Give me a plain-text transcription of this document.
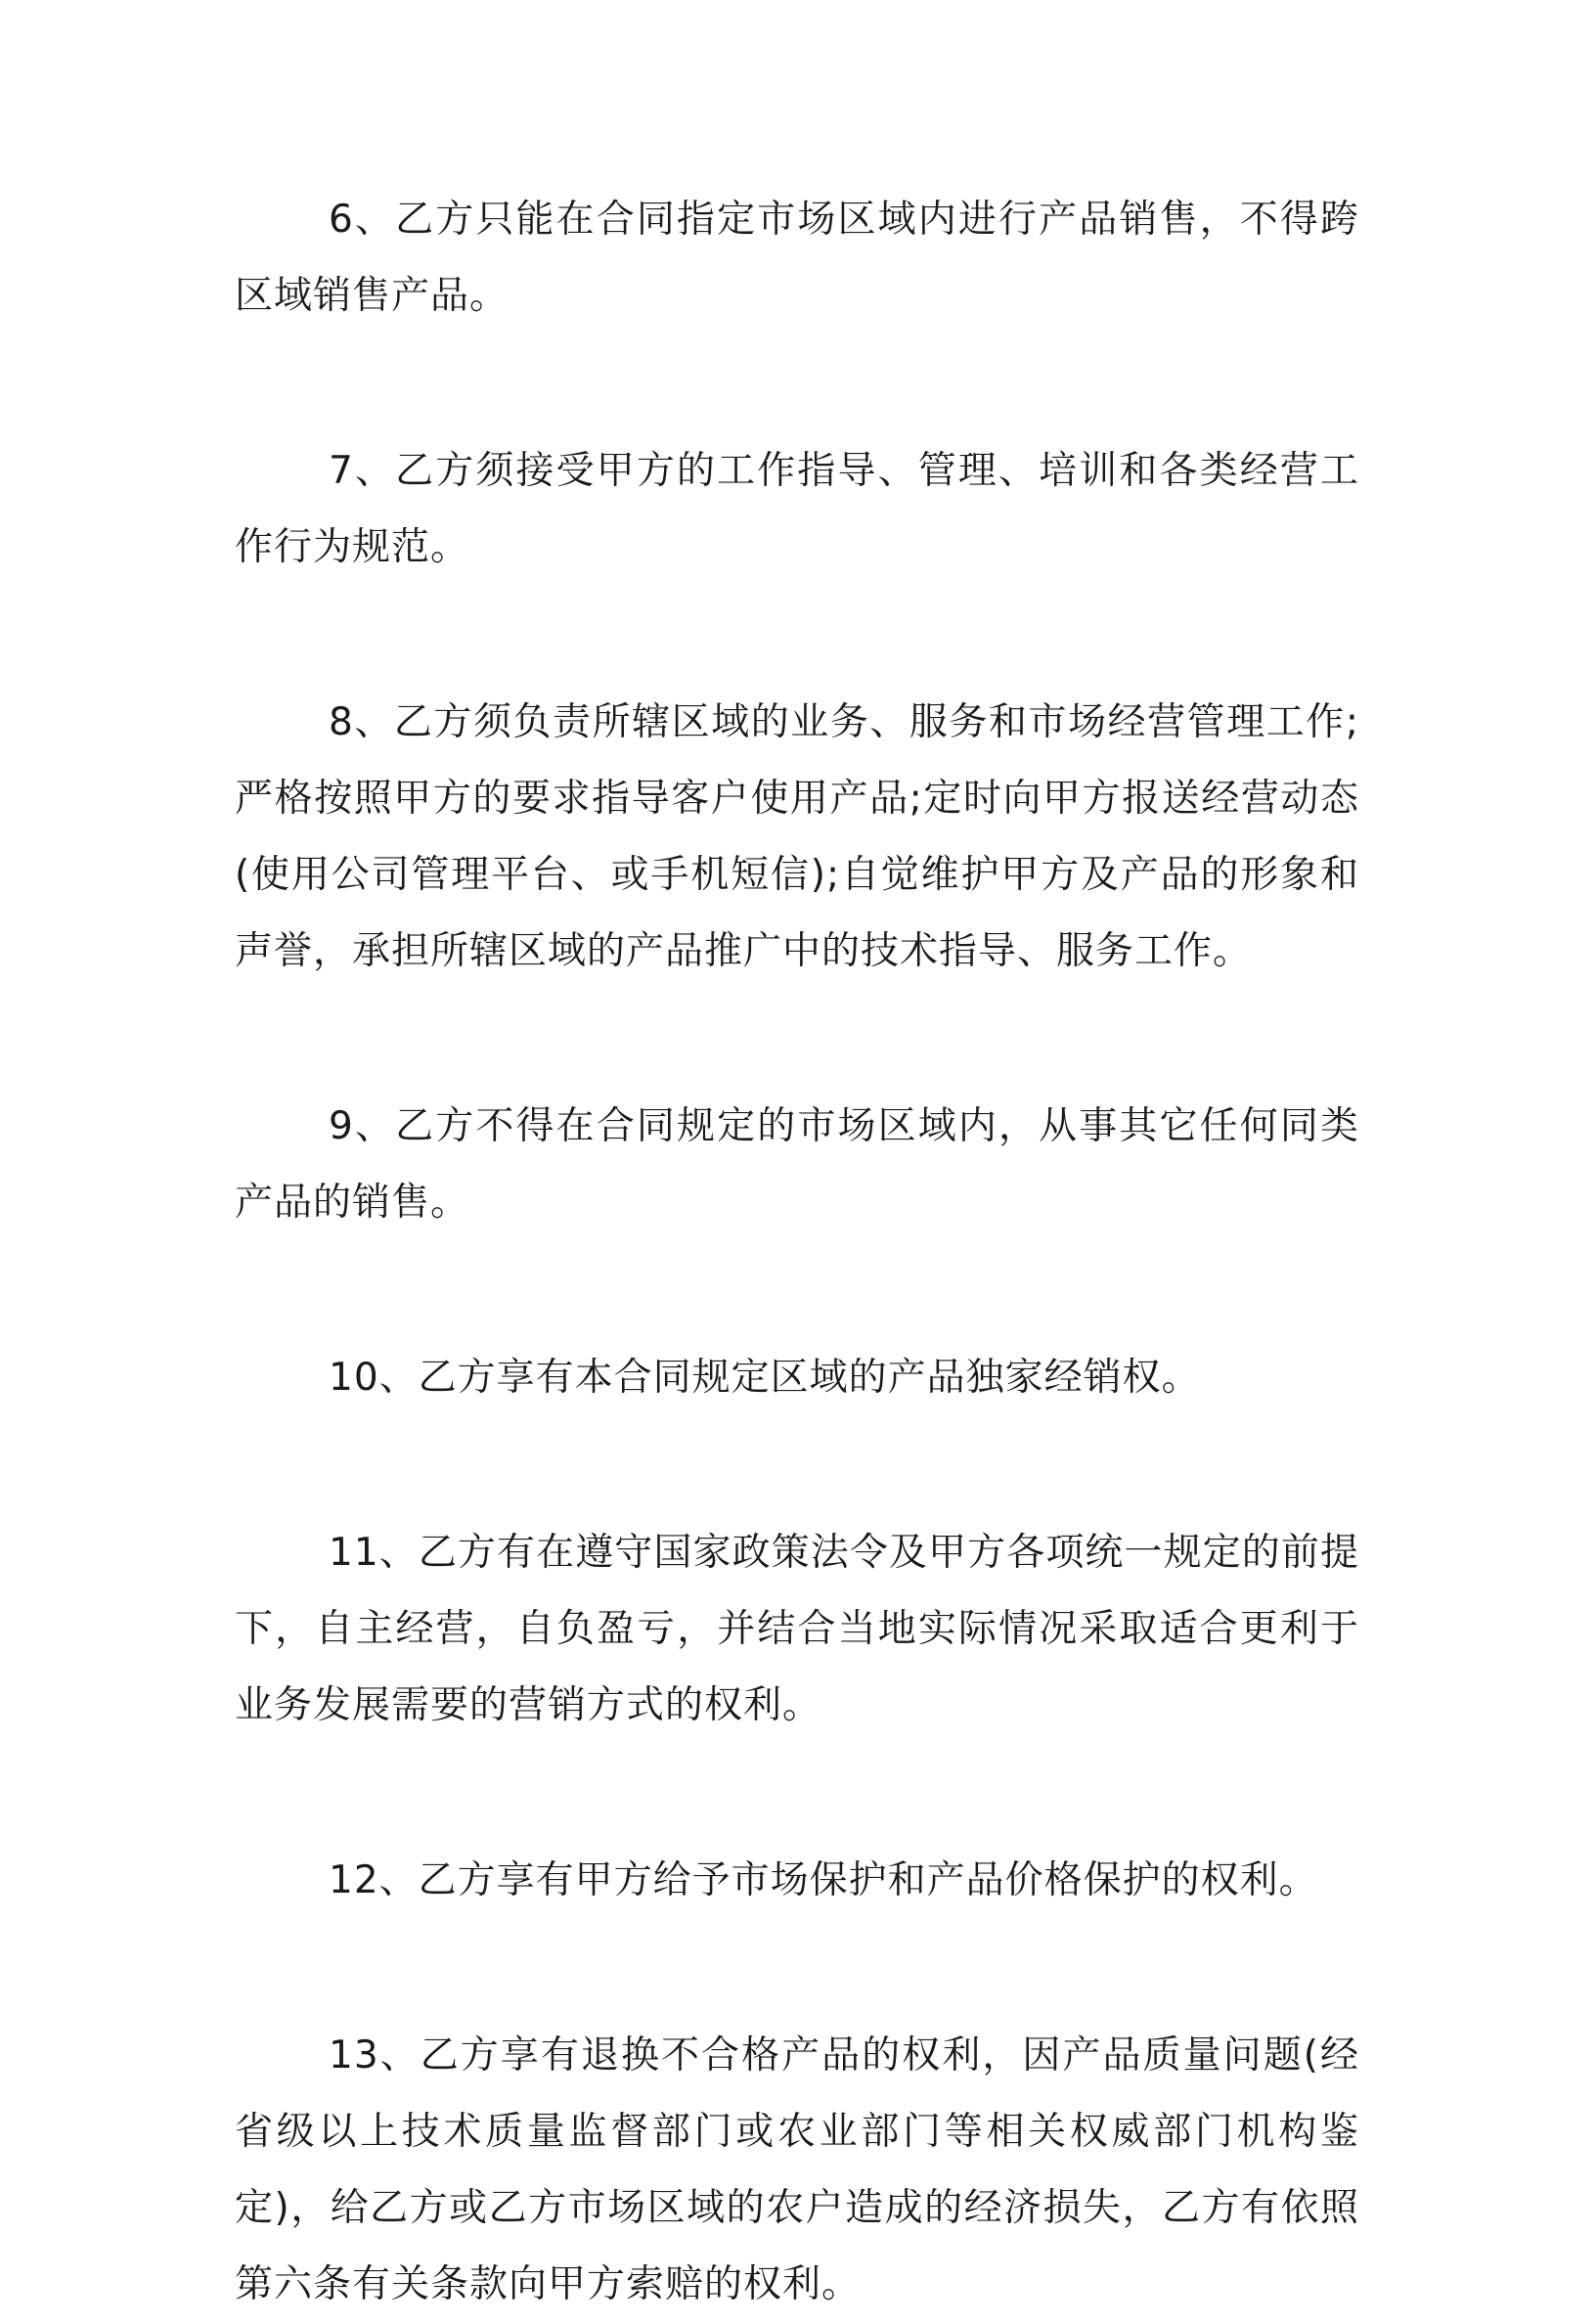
6、乙方只能在合同指定市场区域内进行产品销售，不得跨区域销售产品。

7、乙方须接受甲方的工作指导、管理、培训和各类经营工作行为规范。

8、乙方须负责所辖区域的业务、服务和市场经营管理工作;严格按照甲方的要求指导客户使用产品;定时向甲方报送经营动态(使用公司管理平台、或手机短信);自觉维护甲方及产品的形象和声誉，承担所辖区域的产品推广中的技术指导、服务工作。

9、乙方不得在合同规定的市场区域内，从事其它任何同类产品的销售。

10、乙方享有本合同规定区域的产品独家经销权。

11、乙方有在遵守国家政策法令及甲方各项统一规定的前提下，自主经营，自负盈亏，并结合当地实际情况采取适合更利于业务发展需要的营销方式的权利。

12、乙方享有甲方给予市场保护和产品价格保护的权利。

13、乙方享有退换不合格产品的权利，因产品质量问题(经省级以上技术质量监督部门或农业部门等相关权威部门机构鉴定)，给乙方或乙方市场区域的农户造成的经济损失，乙方有依照第六条有关条款向甲方索赔的权利。
